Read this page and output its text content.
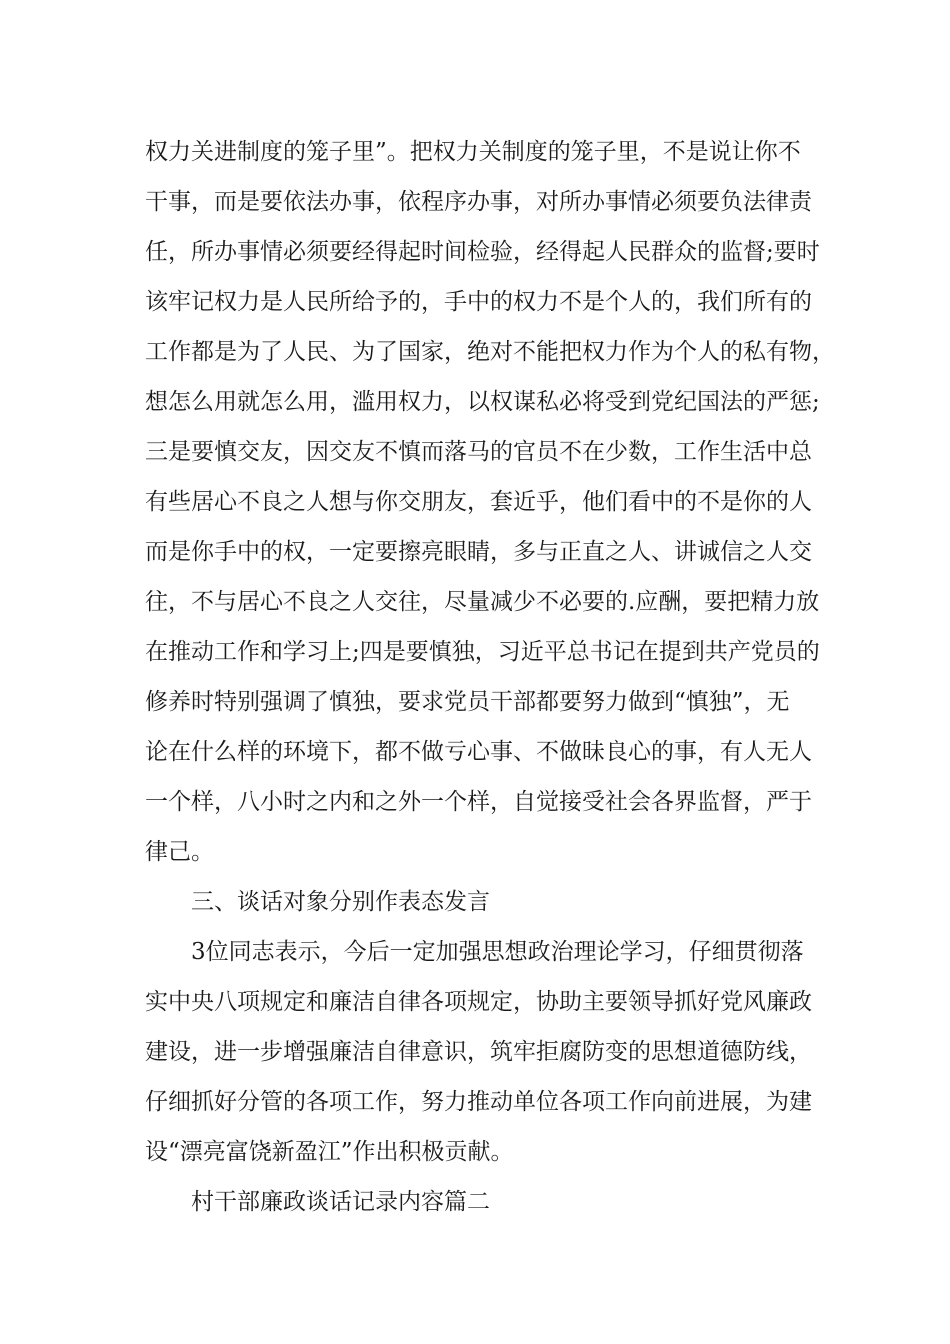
权力关进制度的笼子里”。把权力关制度的笼子里，不是说让你不
干事，而是要依法办事，依程序办事，对所办事情必须要负法律责
任，所办事情必须要经得起时间检验，经得起人民群众的监督;要时
该牢记权力是人民所给予的，手中的权力不是个人的，我们所有的
工作都是为了人民、为了国家，绝对不能把权力作为个人的私有物，
想怎么用就怎么用，滥用权力，以权谋私必将受到党纪国法的严惩;
三是要慎交友，因交友不慎而落马的官员不在少数，工作生活中总
有些居心不良之人想与你交朋友，套近乎，他们看中的不是你的人
而是你手中的权，一定要擦亮眼睛，多与正直之人、讲诚信之人交
往，不与居心不良之人交往，尽量减少不必要的.应酬，要把精力放
在推动工作和学习上;四是要慎独，习近平总书记在提到共产党员的
修养时特别强调了慎独，要求党员干部都要努力做到“慎独”，无
论在什么样的环境下，都不做亏心事、不做昧良心的事，有人无人
一个样，八小时之内和之外一个样，自觉接受社会各界监督，严于
律己。
三、谈话对象分别作表态发言
3位同志表示，今后一定加强思想政治理论学习，仔细贯彻落
实中央八项规定和廉洁自律各项规定，协助主要领导抓好党风廉政
建设，进一步增强廉洁自律意识，筑牢拒腐防变的思想道德防线，
仔细抓好分管的各项工作，努力推动单位各项工作向前进展，为建
设“漂亮富饶新盈江”作出积极贡献。
村干部廉政谈话记录内容篇二
